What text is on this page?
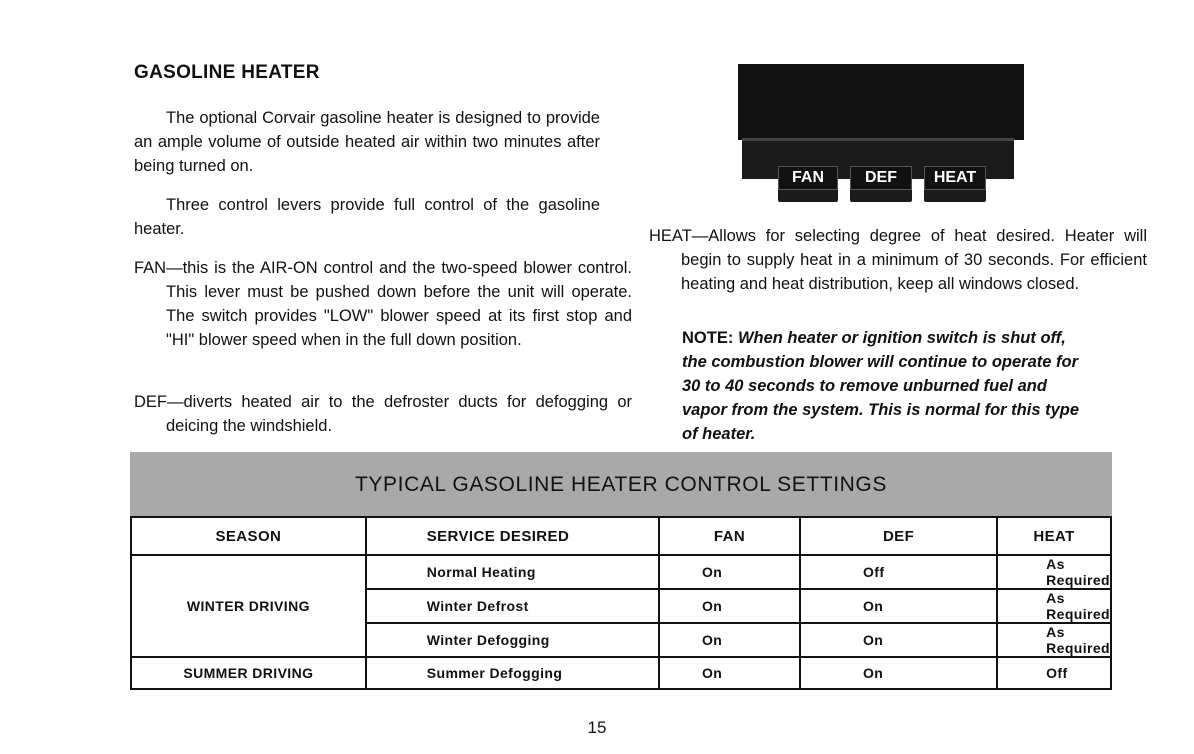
GASOLINE HEATER

The optional Corvair gasoline heater is designed to provide an ample volume of outside heated air within two minutes after being turned on.

Three control levers provide full control of the gasoline heater.

FAN—this is the AIR-ON control and the two-speed blower control. This lever must be pushed down before the unit will operate. The switch provides "LOW" blower speed at its first stop and "HI" blower speed when in the full down position.

DEF—diverts heated air to the defroster ducts for defogging or deicing the windshield.

FAN	DEF	HEAT

HEAT—Allows for selecting degree of heat desired. Heater will begin to supply heat in a minimum of 30 seconds. For efficient heating and heat distribution, keep all windows closed.

NOTE: When heater or ignition switch is shut off, the combustion blower will continue to operate for 30 to 40 seconds to remove unburned fuel and vapor from the system. This is normal for this type of heater.

TYPICAL GASOLINE HEATER CONTROL SETTINGS
SEASON	SERVICE DESIRED	FAN	DEF	HEAT
WINTER DRIVING	Normal Heating	On	Off	As Required
	Winter Defrost	On	On	As Required
	Winter Defogging	On	On	As Required
SUMMER DRIVING	Summer Defogging	On	On	Off
15
